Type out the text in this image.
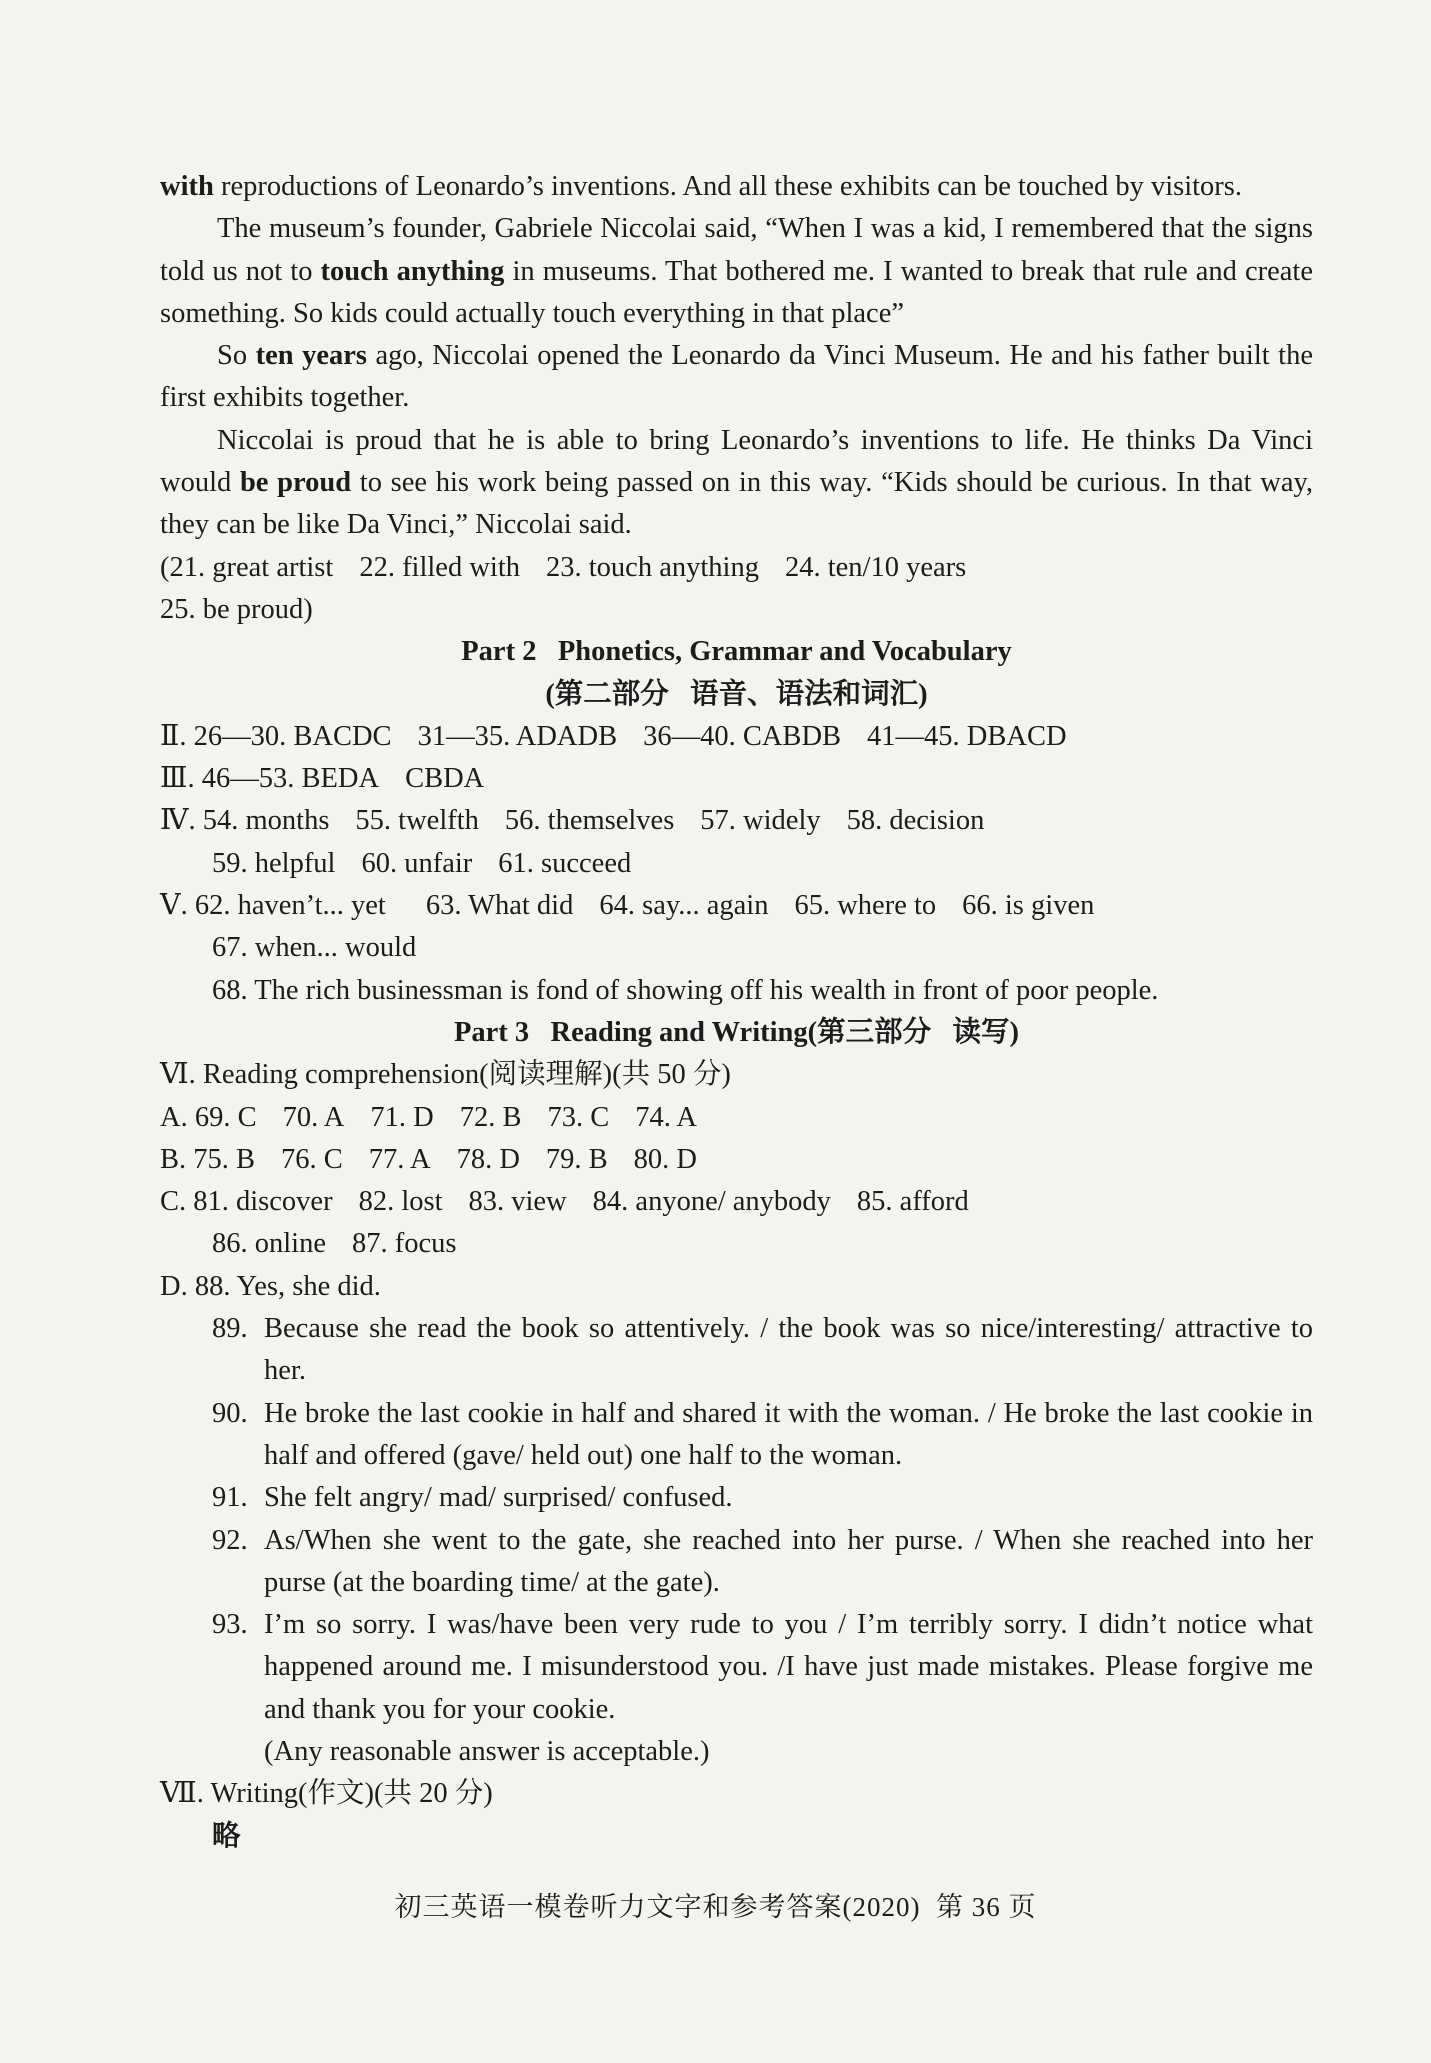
with reproductions of Leonardo’s inventions. And all these exhibits can be touched by visitors.

The museum’s founder, Gabriele Niccolai said, “When I was a kid, I remembered that the signs told us not to touch anything in museums. That bothered me. I wanted to break that rule and create something. So kids could actually touch everything in that place”

So ten years ago, Niccolai opened the Leonardo da Vinci Museum. He and his father built the first exhibits together.

Niccolai is proud that he is able to bring Leonardo’s inventions to life. He thinks Da Vinci would be proud to see his work being passed on in this way. “Kids should be curious. In that way, they can be like Da Vinci,” Niccolai said.

(21. great artist 22. filled with 23. touch anything 24. ten/10 years

25. be proud)

Part 2   Phonetics, Grammar and Vocabulary

(第二部分   语音、语法和词汇)

Ⅱ. 26—30. BACDC 31—35. ADADB 36—40. CABDB 41—45. DBACD

Ⅲ. 46—53. BEDA CBDA

Ⅳ. 54. months 55. twelfth 56. themselves 57. widely 58. decision

59. helpful 60. unfair 61. succeed

Ⅴ. 62. haven’t... yet 63. What did 64. say... again 65. where to 66. is given

67. when... would

68. The rich businessman is fond of showing off his wealth in front of poor people.

Part 3   Reading and Writing(第三部分   读写)

Ⅵ. Reading comprehension(阅读理解)(共 50 分)

A. 69. C 70. A 71. D 72. B 73. C 74. A

B. 75. B 76. C 77. A 78. D 79. B 80. D

C. 81. discover 82. lost 83. view 84. anyone/ anybody 85. afford

86. online 87. focus

D. 88. Yes, she did.

89. Because she read the book so attentively. / the book was so nice/interesting/ attractive to her.
90. He broke the last cookie in half and shared it with the woman. / He broke the last cookie in half and offered (gave/ held out) one half to the woman.
91. She felt angry/ mad/ surprised/ confused.
92. As/When she went to the gate, she reached into her purse. / When she reached into her purse (at the boarding time/ at the gate).
93. I’m so sorry. I was/have been very rude to you / I’m terribly sorry. I didn’t notice what happened around me. I misunderstood you. /I have just made mistakes. Please forgive me and thank you for your cookie.

(Any reasonable answer is acceptable.)

Ⅶ. Writing(作文)(共 20 分)

略

初三英语一模卷听力文字和参考答案(2020)  第 36 页
